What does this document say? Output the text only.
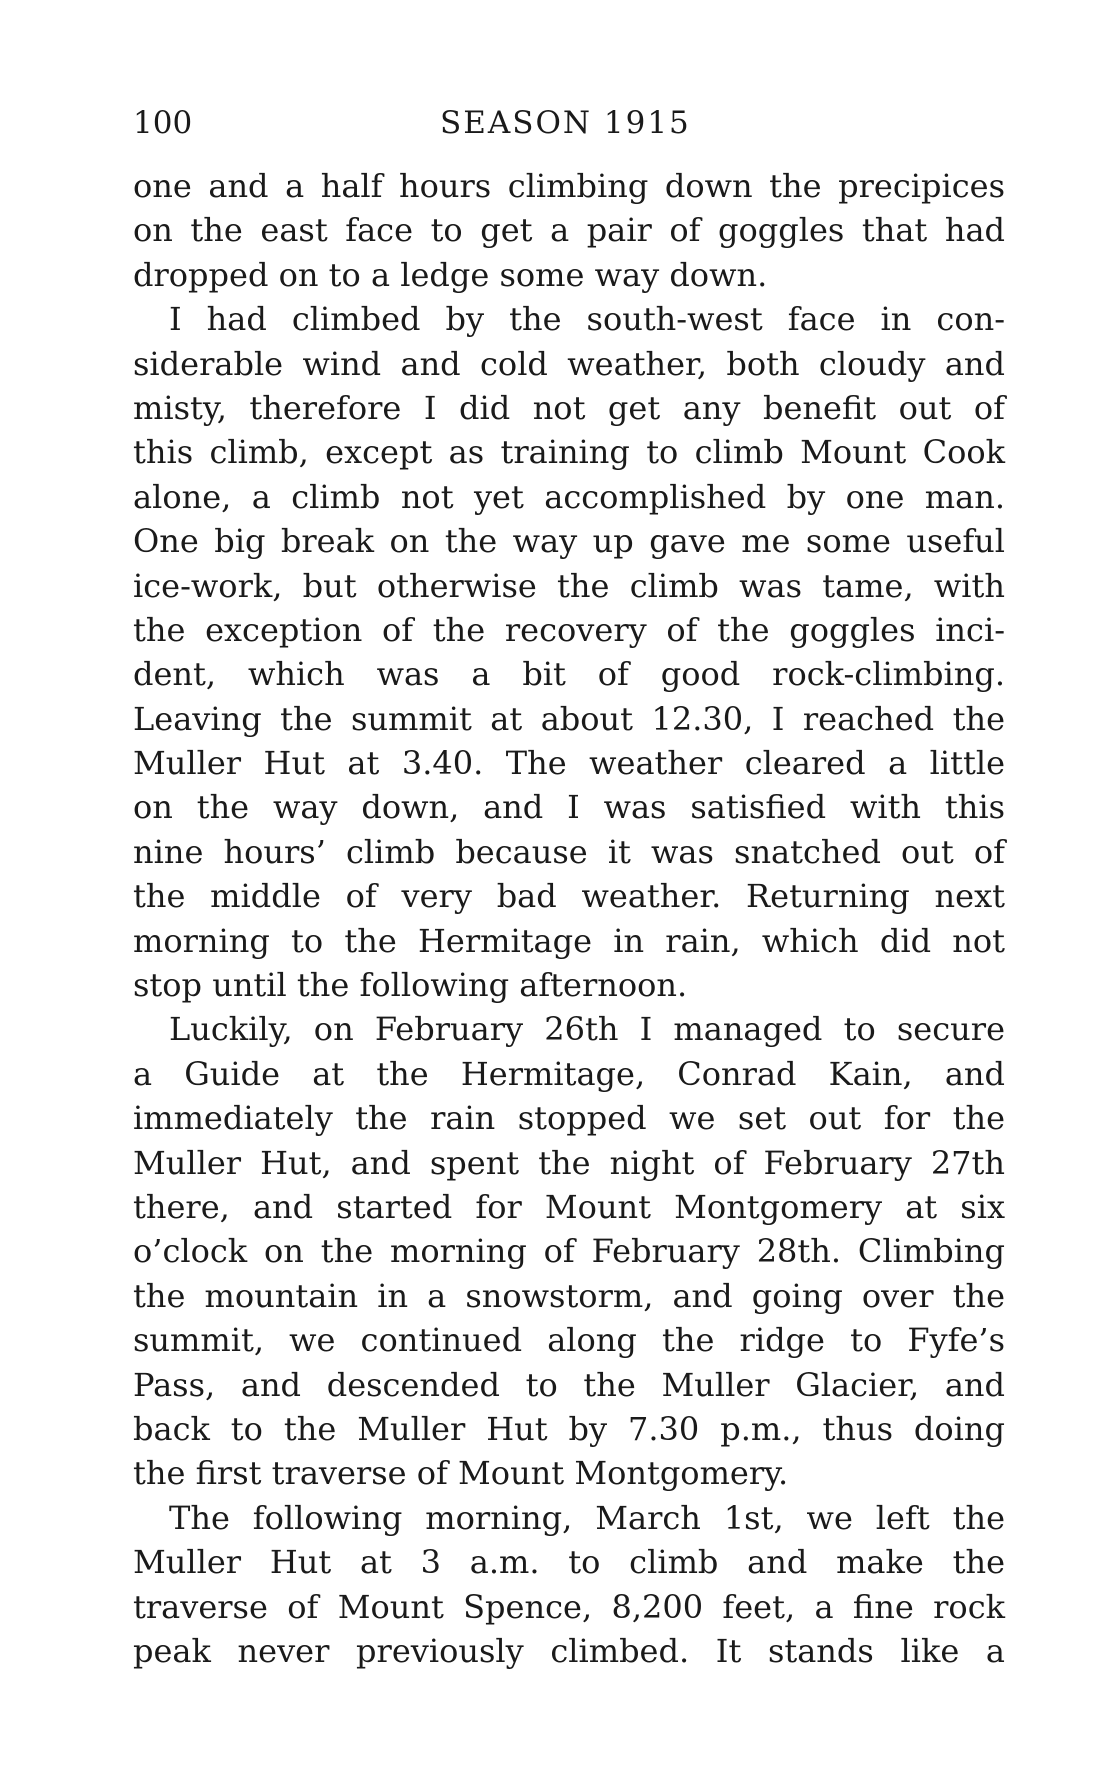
100	SEASON 1915
one and a half hours climbing down the precipices
on the east face to get a pair of goggles that had
dropped on to a ledge some way down.
I had climbed by the south-west face in con-
siderable wind and cold weather, both cloudy and
misty, therefore I did not get any benefit out of
this climb, except as training to climb Mount Cook
alone, a climb not yet accomplished by one man.
One big break on the way up gave me some useful
ice-work, but otherwise the climb was tame, with
the exception of the recovery of the goggles inci-
dent, which was a bit of good rock-climbing.
Leaving the summit at about 12.30, I reached the
Muller Hut at 3.40. The weather cleared a little
on the way down, and I was satisfied with this
nine hours’ climb because it was snatched out of
the middle of very bad weather. Returning next
morning to the Hermitage in rain, which did not
stop until the following afternoon.
Luckily, on February 26th I managed to secure
a Guide at the Hermitage, Conrad Kain, and
immediately the rain stopped we set out for the
Muller Hut, and spent the night of February 27th
there, and started for Mount Montgomery at six
o’clock on the morning of February 28th. Climbing
the mountain in a snowstorm, and going over the
summit, we continued along the ridge to Fyfe’s
Pass, and descended to the Muller Glacier, and
back to the Muller Hut by 7.30 p.m., thus doing
the first traverse of Mount Montgomery.
The following morning, March 1st, we left the
Muller Hut at 3 a.m. to climb and make the
traverse of Mount Spence, 8,200 feet, a fine rock
peak never previously climbed. It stands like a
